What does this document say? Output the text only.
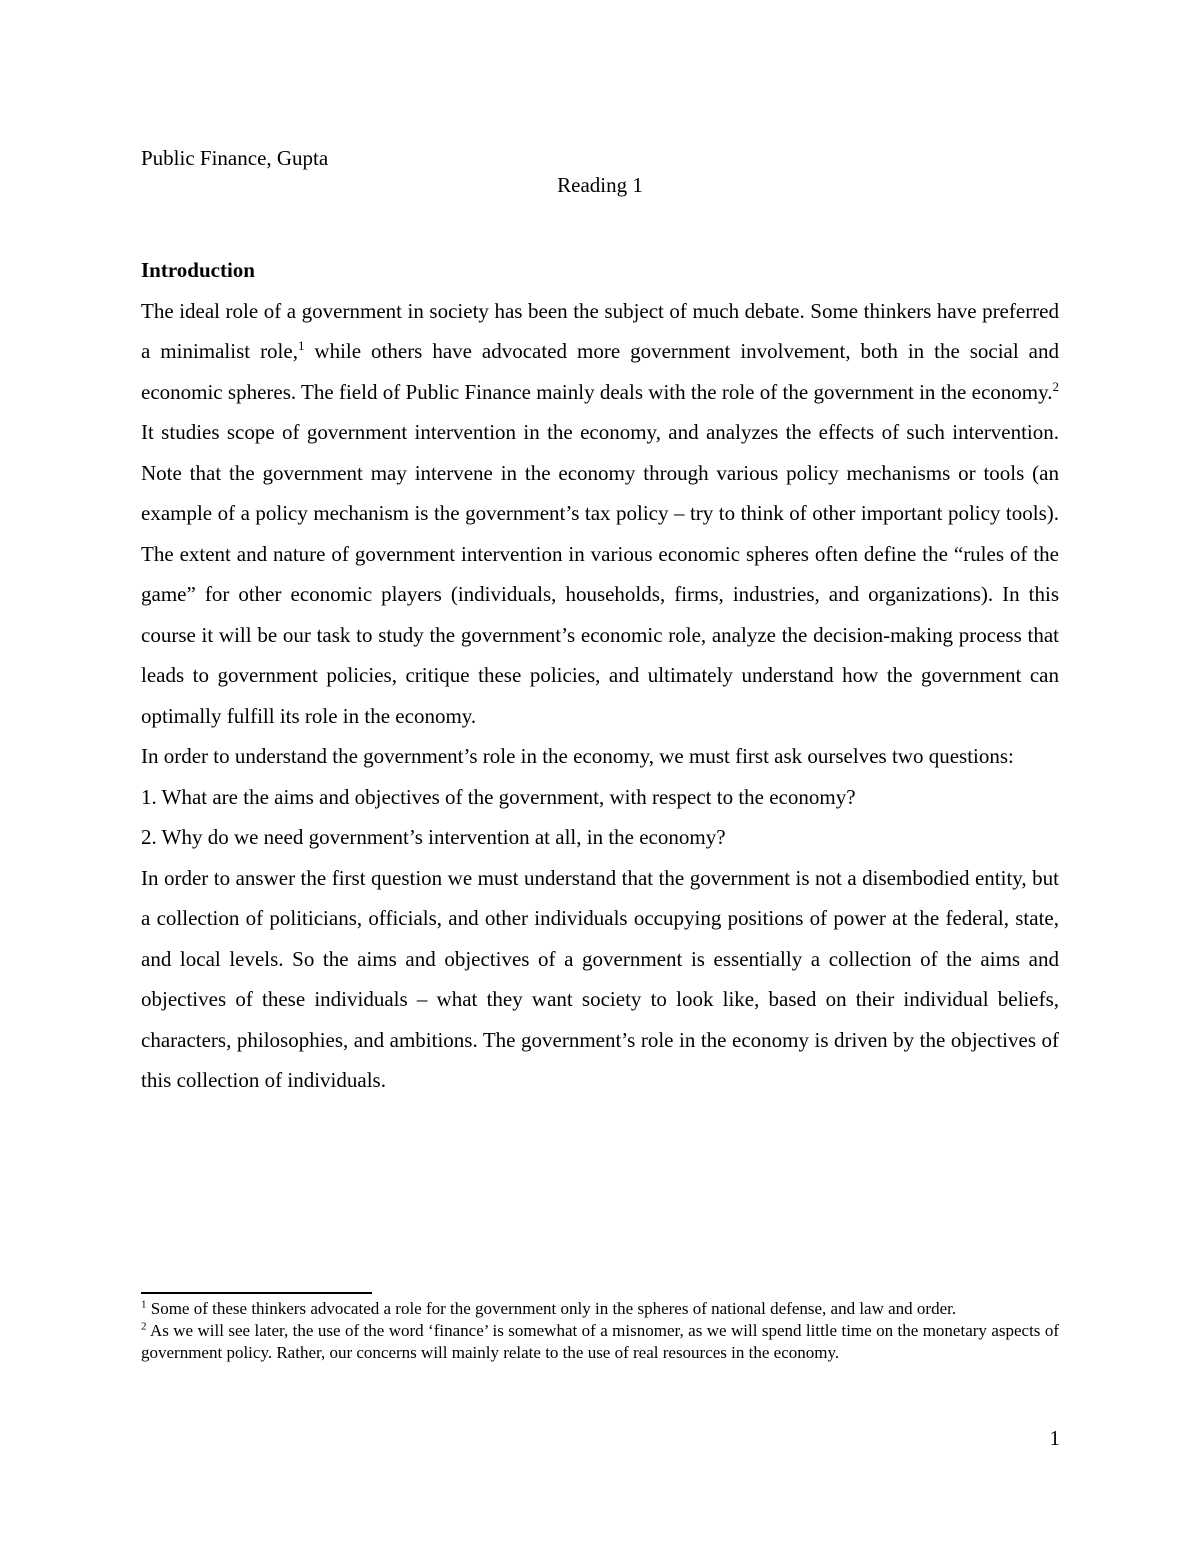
Public Finance, Gupta
Reading 1

Introduction

The ideal role of a government in society has been the subject of much debate. Some thinkers have preferred a minimalist role,$^1$ while others have advocated more government involvement, both in the social and economic spheres. The field of Public Finance mainly deals with the role of the government in the economy.$^2$ It studies scope of government intervention in the economy, and analyzes the effects of such intervention. Note that the government may intervene in the economy through various policy mechanisms or tools (an example of a policy mechanism is the government’s tax policy – try to think of other important policy tools). The extent and nature of government intervention in various economic spheres often define the “rules of the game” for other economic players (individuals, households, firms, industries, and organizations). In this course it will be our task to study the government’s economic role, analyze the decision-making process that leads to government policies, critique these policies, and ultimately understand how the government can optimally fulfill its role in the economy.

In order to understand the government’s role in the economy, we must first ask ourselves two questions:

1. What are the aims and objectives of the government, with respect to the economy?

2. Why do we need government’s intervention at all, in the economy?

In order to answer the first question we must understand that the government is not a disembodied entity, but a collection of politicians, officials, and other individuals occupying positions of power at the federal, state, and local levels. So the aims and objectives of a government is essentially a collection of the aims and objectives of these individuals – what they want society to look like, based on their individual beliefs, characters, philosophies, and ambitions. The government’s role in the economy is driven by the objectives of this collection of individuals.

$^1$ Some of these thinkers advocated a role for the government only in the spheres of national defense, and law and order.

$^2$ As we will see later, the use of the word ‘finance’ is somewhat of a misnomer, as we will spend little time on the monetary aspects of government policy. Rather, our concerns will mainly relate to the use of real resources in the economy.

1
